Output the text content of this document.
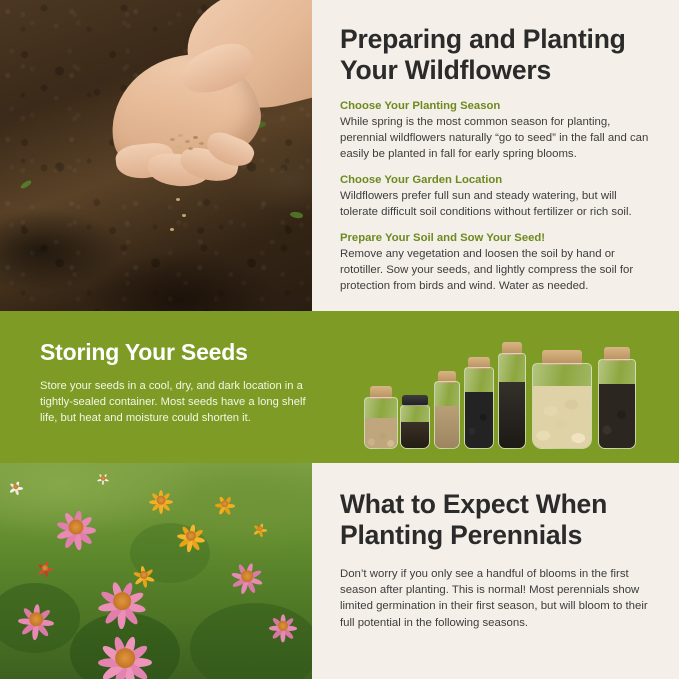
Preparing and Planting Your Wildflowers
Choose Your Planting Season
While spring is the most common season for planting, perennial wildflowers naturally “go to seed” in the fall and can easily be planted in fall for early spring blooms.
Choose Your Garden Location
Wildflowers prefer full sun and steady watering, but will tolerate difficult soil conditions without fertilizer or rich soil.
Prepare Your Soil and Sow Your Seed!
Remove any vegetation and loosen the soil by hand or rototiller. Sow your seeds, and lightly compress the soil for protection from birds and wind. Water as needed.
Storing Your Seeds
Store your seeds in a cool, dry, and dark location in a tightly-sealed container. Most seeds have a long shelf life, but heat and moisture could shorten it.
What to Expect When Planting Perennials
Don’t worry if you only see a handful of blooms in the first season after planting. This is normal! Most perennials show limited germination in their first season, but will bloom to their full potential in the following seasons.
